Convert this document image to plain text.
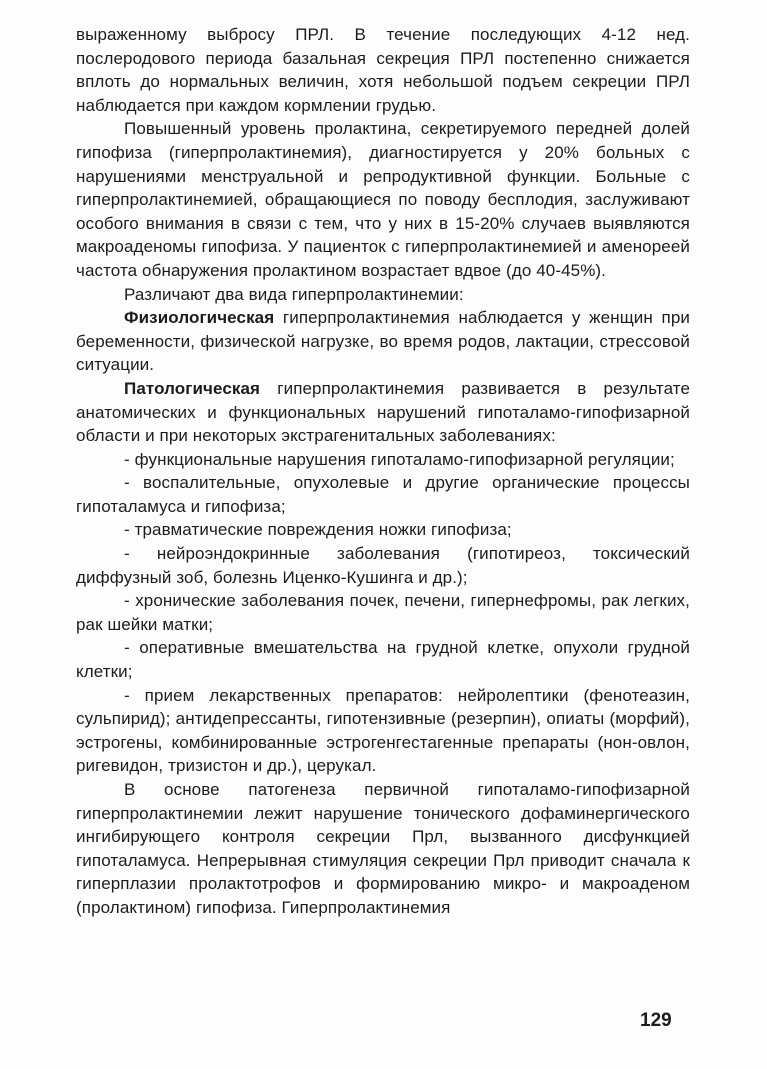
выраженному выбросу ПРЛ. В течение последующих 4-12 нед. послеродового периода базальная секреция ПРЛ постепенно снижается вплоть до нормальных величин, хотя небольшой подъем секреции ПРЛ наблюдается при каждом кормлении грудью.

Повышенный уровень пролактина, секретируемого передней долей гипофиза (гиперпролактинемия), диагностируется у 20% больных с нарушениями менструальной и репродуктивной функции. Больные с гиперпролактинемией, обращающиеся по поводу бесплодия, заслуживают особого внимания в связи с тем, что у них в 15-20% случаев выявляются макроаденомы гипофиза. У пациенток с гиперпролактинемией и аменореей частота обнаружения пролактином возрастает вдвое (до 40-45%).

Различают два вида гиперпролактинемии:

Физиологическая гиперпролактинемия наблюдается у женщин при беременности, физической нагрузке, во время родов, лактации, стрессовой ситуации.

Патологическая гиперпролактинемия развивается в результате анатомических и функциональных нарушений гипоталамо-гипофизарной области и при некоторых экстрагенитальных заболеваниях:

- функциональные нарушения гипоталамо-гипофизарной регуляции;

- воспалительные, опухолевые и другие органические процессы гипоталамуса и гипофиза;

- травматические повреждения ножки гипофиза;

- нейроэндокринные заболевания (гипотиреоз, токсический диффузный зоб, болезнь Иценко-Кушинга и др.);

- хронические заболевания почек, печени, гипернефромы, рак легких, рак шейки матки;

- оперативные вмешательства на грудной клетке, опухоли грудной клетки;

- прием лекарственных препаратов: нейролептики (фенотеазин, сульпирид); антидепрессанты, гипотензивные (резерпин), опиаты (морфий), эстрогены, комбинированные эстрогенгестагенные препараты (нон-овлон, ригевидон, тризистон и др.), церукал.

В основе патогенеза первичной гипоталамо-гипофизарной гиперпролактинемии лежит нарушение тонического дофаминергического ингибирующего контроля секреции Прл, вызванного дисфункцией гипоталамуса. Непрерывная стимуляция секреции Прл приводит сначала к гиперплазии пролактотрофов и формированию микро- и макроаденом (пролактином) гипофиза. Гиперпролактинемия

129
